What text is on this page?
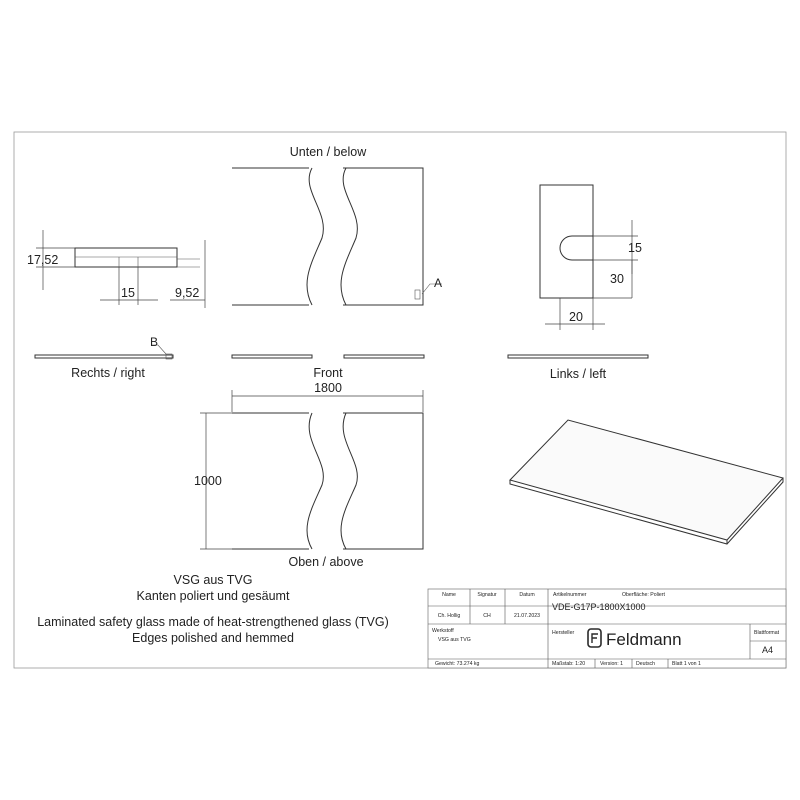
Unten / below
A
17,52
15	9,52
15
30
20
B
Rechts / right	Front	Links / left
1800
1000
Oben / above
VSG aus TVG
Kanten poliert und gesäumt
Laminated safety glass made of heat-strengthened glass (TVG)
Edges polished and hemmed
Name	Signatur	Datum	Artikelnummer	Oberfläche: Poliert
Ch. Hollig	CH	21.07.2023
VDE-G17P-1800X1000
Werkstoff
VSG aus TVG
Hersteller Feldmann	Blattformat
A4
Gewicht: 73.274 kg	Maßstab: 1:20	Version: 1 Deutsch	Blatt 1 von 1
